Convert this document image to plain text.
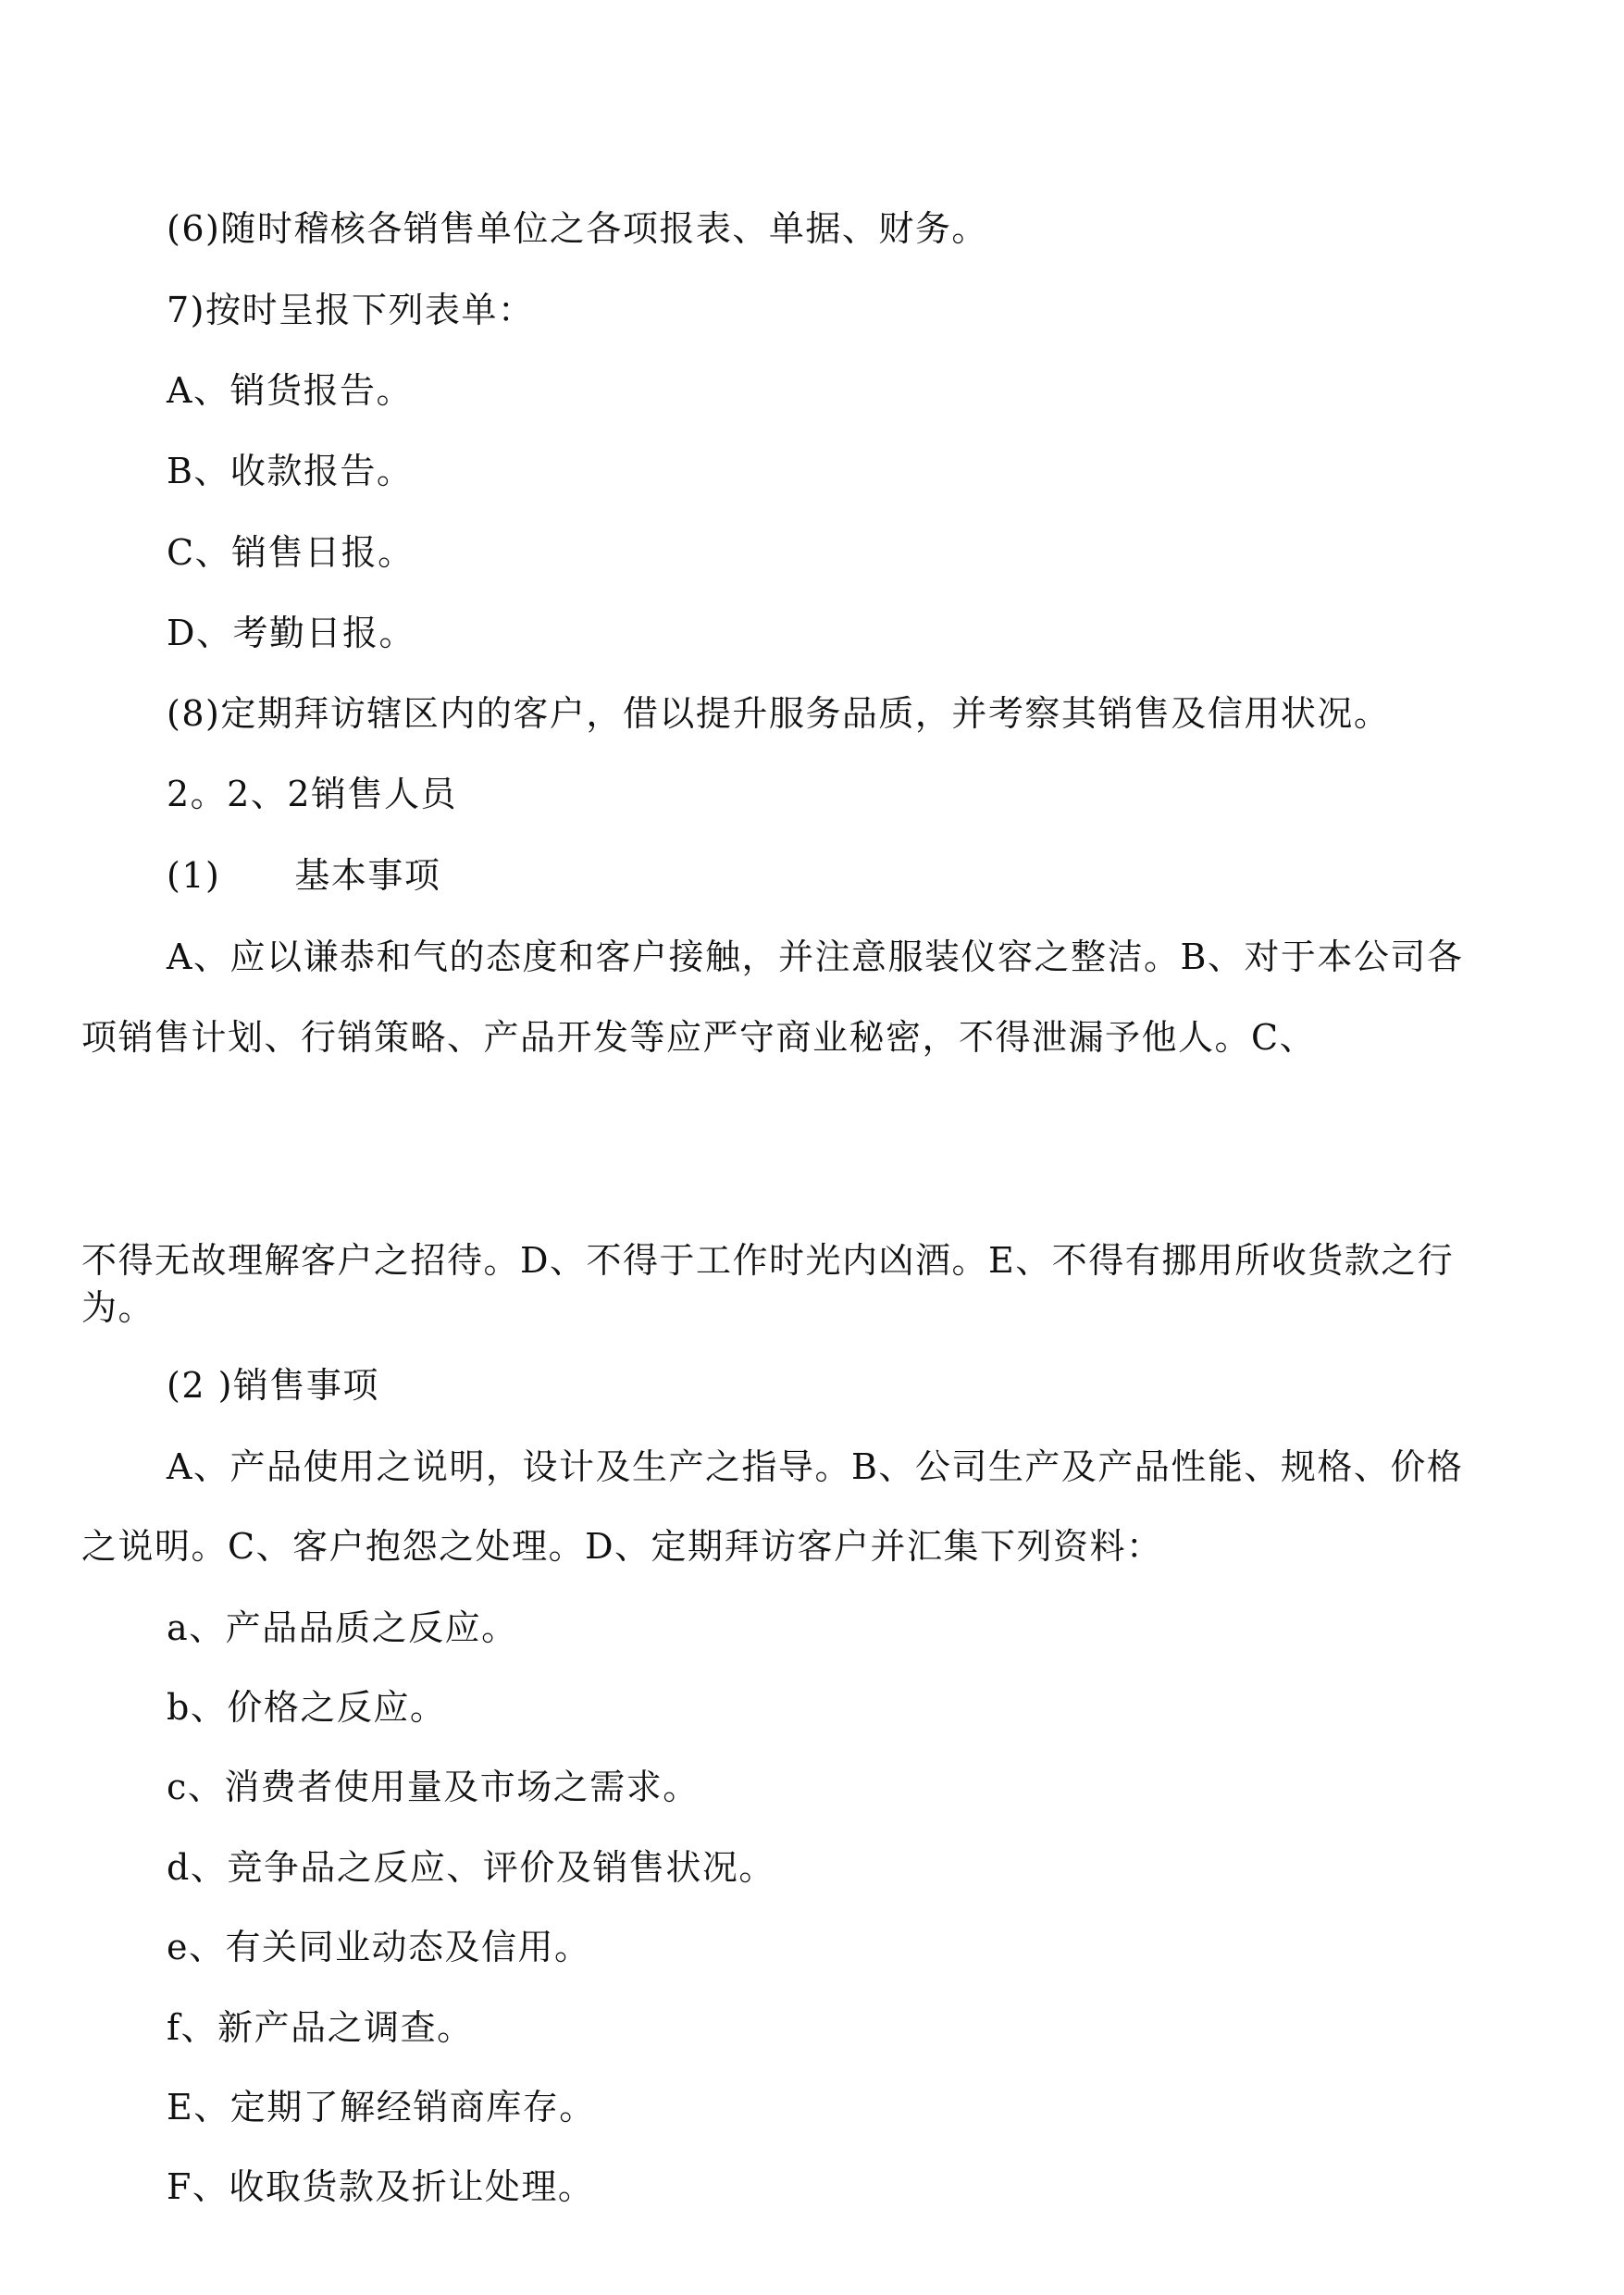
(6)随时稽核各销售单位之各项报表、单据、财务。

7)按时呈报下列表单：

A、销货报告。

B、收款报告。

C、销售日报。

D、考勤日报。

(8)定期拜访辖区内的客户，借以提升服务品质，并考察其销售及信用状况。

2。2、2销售人员

(1) 基本事项

A、应以谦恭和气的态度和客户接触，并注意服装仪容之整洁。B、对于本公司各

项销售计划、行销策略、产品开发等应严守商业秘密，不得泄漏予他人。C、

不得无故理解客户之招待。D、不得于工作时光内凶酒。E、不得有挪用所收货款之行

为。

(2 )销售事项

A、产品使用之说明，设计及生产之指导。B、公司生产及产品性能、规格、价格

之说明。C、客户抱怨之处理。D、定期拜访客户并汇集下列资料：

a、产品品质之反应。

b、价格之反应。

c、消费者使用量及市场之需求。

d、竞争品之反应、评价及销售状况。

e、有关同业动态及信用。

f、新产品之调查。

E、定期了解经销商库存。

F、收取货款及折让处理。
